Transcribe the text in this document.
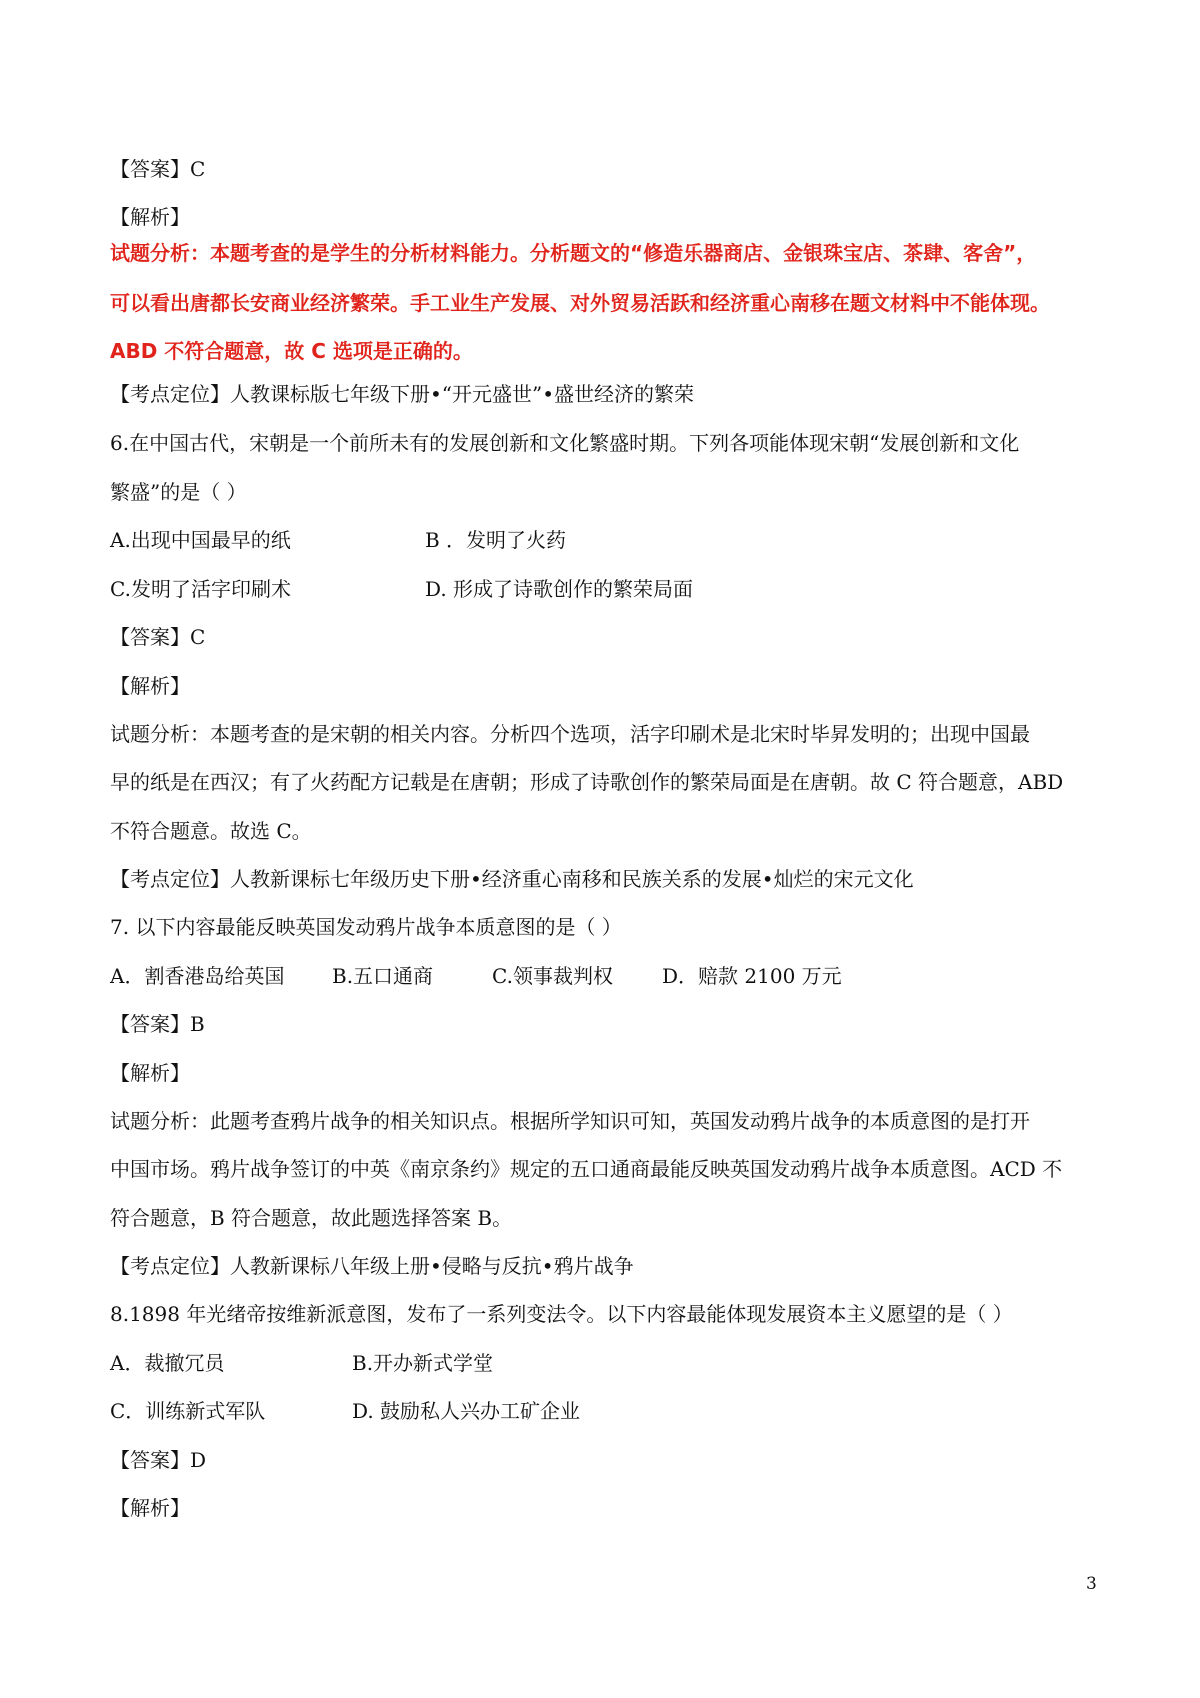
【答案】C
【解析】
试题分析：本题考查的是学生的分析材料能力。分析题文的“修造乐器商店、金银珠宝店、茶肆、客舍”，
可以看出唐都长安商业经济繁荣。手工业生产发展、对外贸易活跃和经济重心南移在题文材料中不能体现。
ABD 不符合题意，故 C 选项是正确的。
【考点定位】人教课标版七年级下册•“开元盛世”•盛世经济的繁荣
6.在中国古代，宋朝是一个前所未有的发展创新和文化繁盛时期。下列各项能体现宋朝“发展创新和文化
繁盛”的是（ ）
A.出现中国最早的纸	B ．发明了火药
C.发明了活字印刷术	D. 形成了诗歌创作的繁荣局面
【答案】C
【解析】
试题分析：本题考查的是宋朝的相关内容。分析四个选项，活字印刷术是北宋时毕昇发明的；出现中国最
早的纸是在西汉；有了火药配方记载是在唐朝；形成了诗歌创作的繁荣局面是在唐朝。故 C 符合题意，ABD
不符合题意。故选 C。
【考点定位】人教新课标七年级历史下册•经济重心南移和民族关系的发展•灿烂的宋元文化
7. 以下内容最能反映英国发动鸦片战争本质意图的是（ ）
A．割香港岛给英国 B.五口通商	C.领事裁判权 D．赔款 2100 万元
【答案】B
【解析】
试题分析：此题考查鸦片战争的相关知识点。根据所学知识可知，英国发动鸦片战争的本质意图的是打开
中国市场。鸦片战争签订的中英《南京条约》规定的五口通商最能反映英国发动鸦片战争本质意图。ACD 不
符合题意，B 符合题意，故此题选择答案 B。
【考点定位】人教新课标八年级上册•侵略与反抗•鸦片战争
8.1898 年光绪帝按维新派意图，发布了一系列变法令。以下内容最能体现发展资本主义愿望的是（ ）
A．裁撤冗员	B.开办新式学堂
C．训练新式军队	D. 鼓励私人兴办工矿企业
【答案】D
【解析】
3
